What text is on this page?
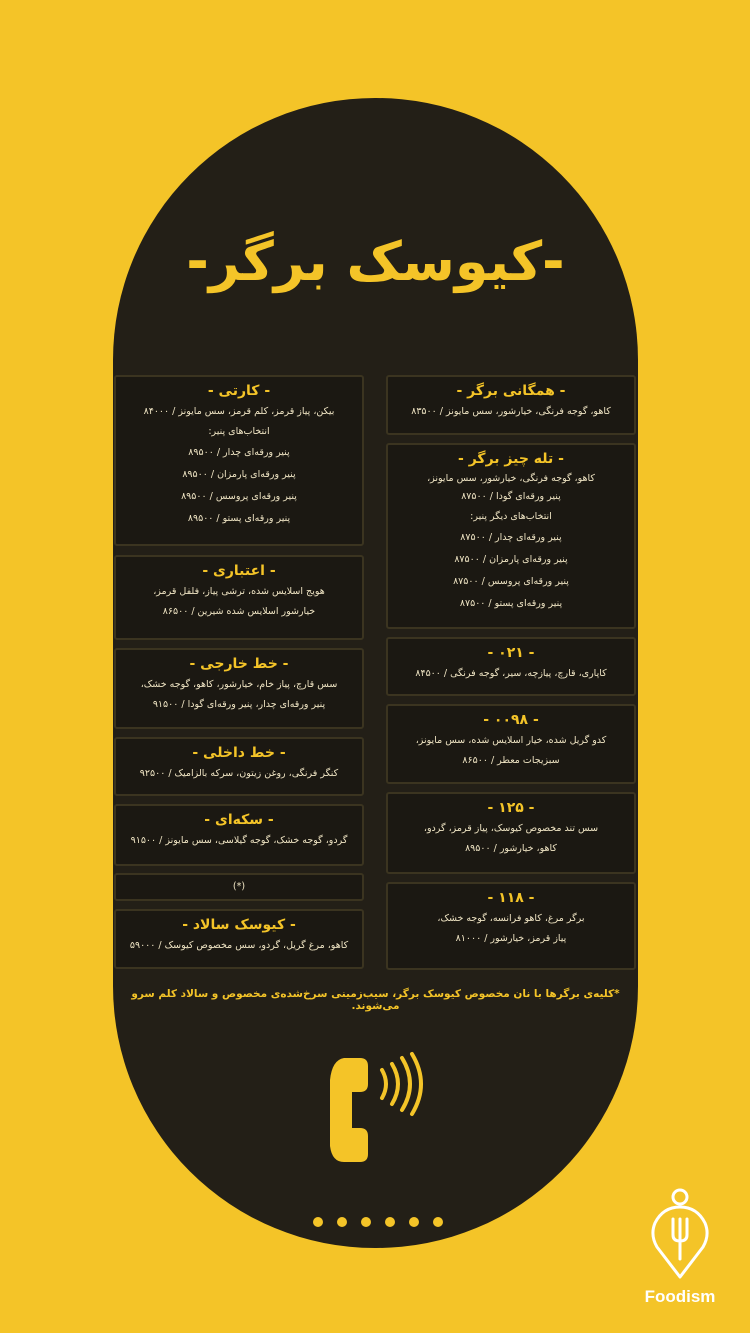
-کیوسک برگر-
- همگانی برگر -
کاهو، گوجه فرنگی، خیارشور، سس مایونز / ۸۳۵۰۰
- تله چیز برگر -
کاهو، گوجه فرنگی، خیارشور، سس مایونز،
پنیر ورقه‌ای گودا / ۸۷۵۰۰
انتخاب‌های دیگر پنیر:
پنیر ورقه‌ای چدار / ۸۷۵۰۰
پنیر ورقه‌ای پارمزان / ۸۷۵۰۰
پنیر ورقه‌ای پروسس / ۸۷۵۰۰
پنیر ورقه‌ای پستو / ۸۷۵۰۰
- ۰۲۱ -
کاپاری، قارچ، پیازچه، سیر، گوجه فرنگی / ۸۴۵۰۰
- ۰۰۹۸ -
کدو گریل شده، خیار اسلایس شده، سس مایونز،
سبزیجات معطر / ۸۶۵۰۰
- ۱۲۵ -
سس تند مخصوص کیوسک، پیاز قرمز، گردو،
کاهو، خیارشور / ۸۹۵۰۰
- ۱۱۸ -
برگر مرغ، کاهو فرانسه، گوجه خشک،
پیاز قرمز، خیارشور / ۸۱۰۰۰
- کارتی -
بیکن، پیاز قرمز، کلم قرمز، سس مایونز / ۸۴۰۰۰
انتخاب‌های پنیر:
پنیر ورقه‌ای چدار / ۸۹۵۰۰
پنیر ورقه‌ای پارمزان / ۸۹۵۰۰
پنیر ورقه‌ای پروسس / ۸۹۵۰۰
پنیر ورقه‌ای پستو / ۸۹۵۰۰
- اعتباری -
هویج اسلایس شده، ترشی پیاز، فلفل قرمز،
خیارشور اسلایس شده شیرین / ۸۶۵۰۰
- خط خارجی -
سس قارچ، پیاز خام، خیارشور، کاهو، گوجه خشک،
پنیر ورقه‌ای چدار، پنیر ورقه‌ای گودا / ۹۱۵۰۰
- خط داخلی -
کنگر فرنگی، روغن زیتون، سرکه بالزامیک / ۹۲۵۰۰
- سکه‌ای -
گردو، گوجه خشک، گوجه گیلاسی، سس مایونز / ۹۱۵۰۰
(*)
- کیوسک سالاد -
کاهو، مرغ گریل، گردو، سس مخصوص کیوسک / ۵۹۰۰۰
*کلیه‌ی برگرها با نان مخصوص کیوسک برگر، سیب‌زمینی سرخ‌شده‌ی مخصوص و سالاد کلم سرو می‌شوند.
Foodism
